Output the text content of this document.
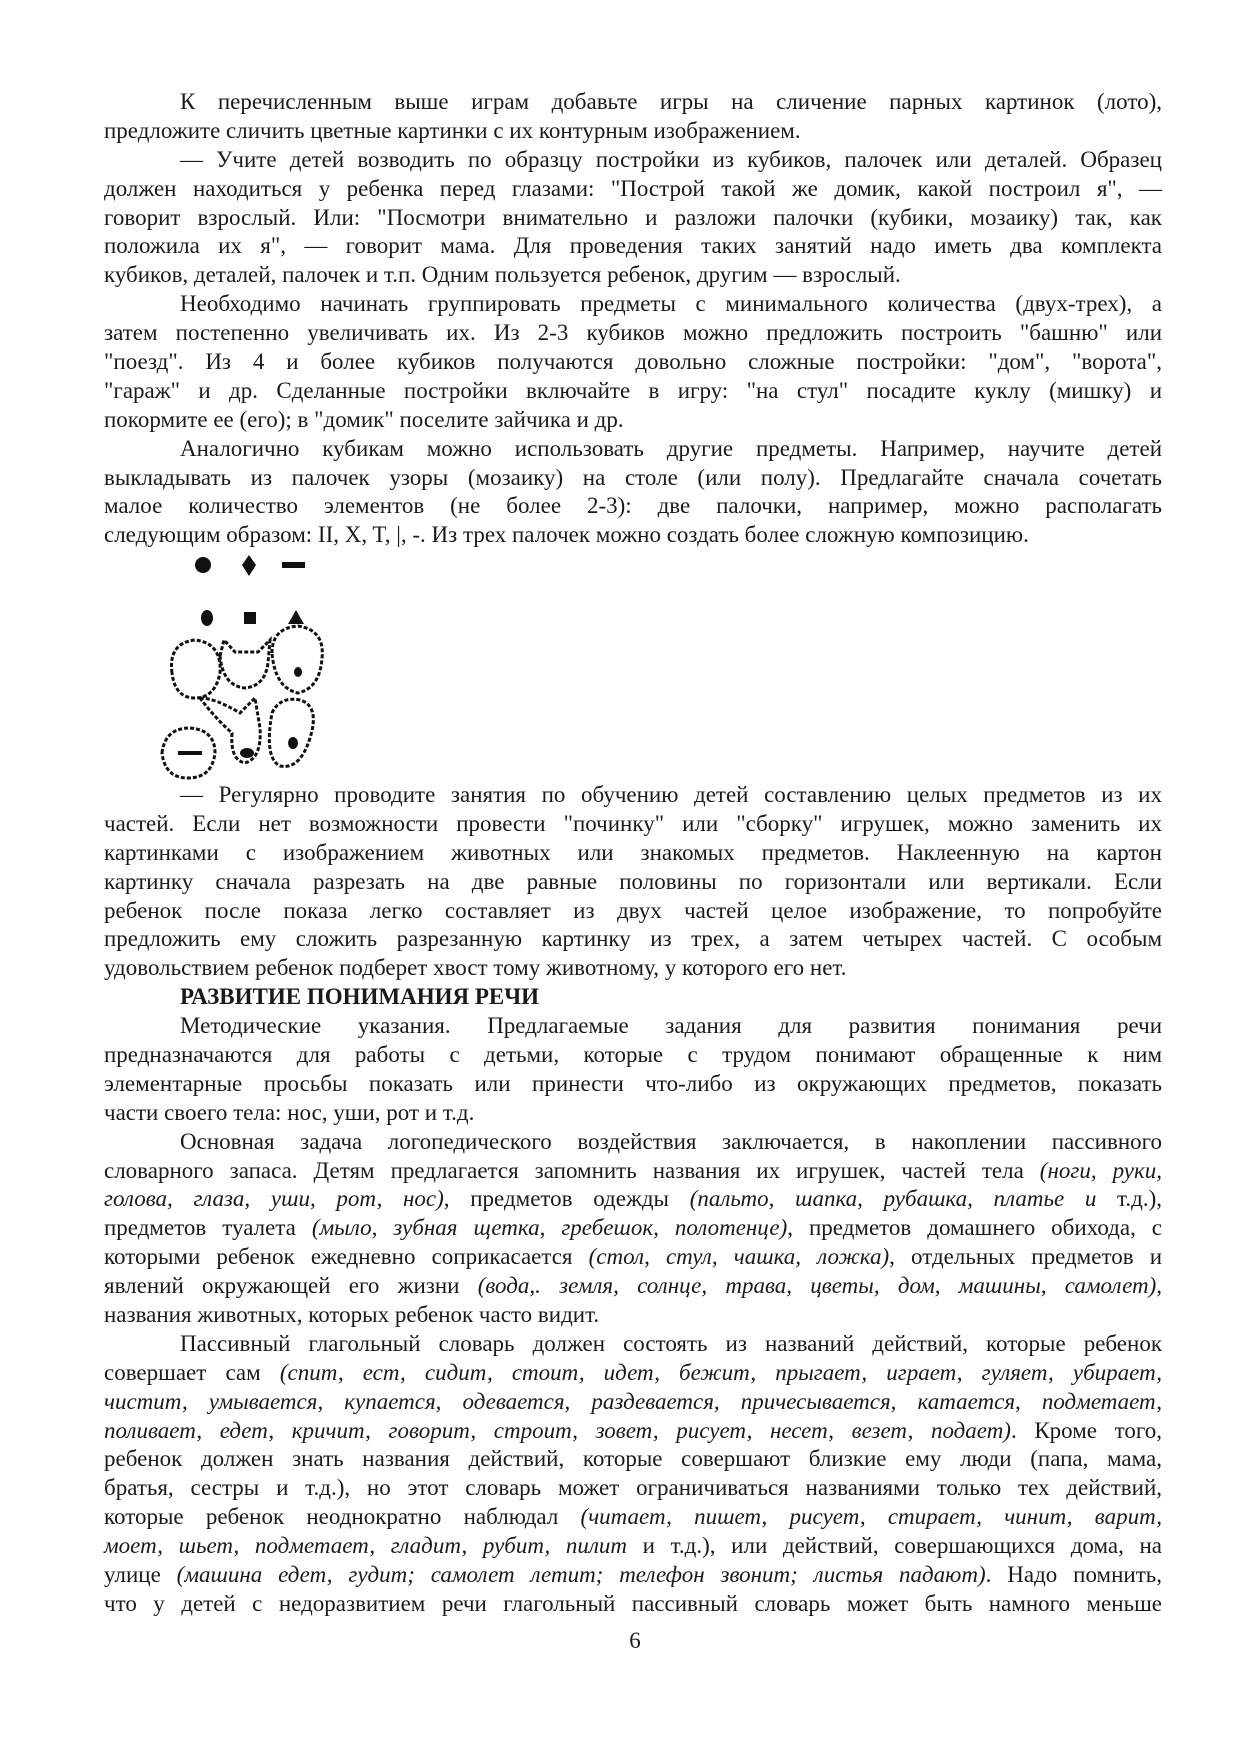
К перечисленным выше играм добавьте игры на сличение парных картинок (лото),
предложите сличить цветные картинки с их контурным изображением.
— Учите детей возводить по образцу постройки из кубиков, палочек или деталей. Образец
должен находиться у ребенка перед глазами: "Построй такой же домик, какой построил я", —
говорит взрослый. Или: "Посмотри внимательно и разложи палочки (кубики, мозаику) так, как
положила их я", — говорит мама. Для проведения таких занятий надо иметь два комплекта
кубиков, деталей, палочек и т.п. Одним пользуется ребенок, другим — взрослый.
Необходимо начинать группировать предметы с минимального количества (двух-трех), а
затем постепенно увеличивать их. Из 2-3 кубиков можно предложить построить "башню" или
"поезд". Из 4 и более кубиков получаются довольно сложные постройки: "дом", "ворота",
"гараж" и др. Сделанные постройки включайте в игру: "на стул" посадите куклу (мишку) и
покормите ее (его); в "домик" поселите зайчика и др.
Аналогично кубикам можно использовать другие предметы. Например, научите детей
выкладывать из палочек узоры (мозаику) на столе (или полу). Предлагайте сначала сочетать
малое количество элементов (не более 2-3): две палочки, например, можно располагать
следующим образом: II, X, T, |, -. Из трех палочек можно создать более сложную композицию.
— Регулярно проводите занятия по обучению детей составлению целых предметов из их
частей. Если нет возможности провести "починку" или "сборку" игрушек, можно заменить их
картинками с изображением животных или знакомых предметов. Наклеенную на картон
картинку сначала разрезать на две равные половины по горизонтали или вертикали. Если
ребенок после показа легко составляет из двух частей целое изображение, то попробуйте
предложить ему сложить разрезанную картинку из трех, а затем четырех частей. С особым
удовольствием ребенок подберет хвост тому животному, у которого его нет.
РАЗВИТИЕ ПОНИМАНИЯ РЕЧИ
Методические указания. Предлагаемые задания для развития понимания речи
предназначаются для работы с детьми, которые с трудом понимают обращенные к ним
элементарные просьбы показать или принести что-либо из окружающих предметов, показать
части своего тела: нос, уши, рот и т.д.
Основная задача логопедического воздействия заключается, в накоплении пассивного
словарного запаса. Детям предлагается запомнить названия их игрушек, частей тела (ноги, руки,
голова, глаза, уши, рот, нос), предметов одежды (пальто, шапка, рубашка, платье и т.д.),
предметов туалета (мыло, зубная щетка, гребешок, полотенце), предметов домашнего обихода, с
которыми ребенок ежедневно соприкасается (стол, стул, чашка, ложка), отдельных предметов и
явлений окружающей его жизни (вода,. земля, солнце, трава, цветы, дом, машины, самолет),
названия животных, которых ребенок часто видит.
Пассивный глагольный словарь должен состоять из названий действий, которые ребенок
совершает сам (спит, ест, сидит, стоит, идет, бежит, прыгает, играет, гуляет, убирает,
чистит, умывается, купается, одевается, раздевается, причесывается, катается, подметает,
поливает, едет, кричит, говорит, строит, зовет, рисует, несет, везет, подает). Кроме того,
ребенок должен знать названия действий, которые совершают близкие ему люди (папа, мама,
братья, сестры и т.д.), но этот словарь может ограничиваться названиями только тех действий,
которые ребенок неоднократно наблюдал (читает, пишет, рисует, стирает, чинит, варит,
моет, шьет, подметает, гладит, рубит, пилит и т.д.), или действий, совершающихся дома, на
улице (машина едет, гудит; самолет летит; телефон звонит; листья падают). Надо помнить,
что у детей с недоразвитием речи глагольный пассивный словарь может быть намного меньше
6
